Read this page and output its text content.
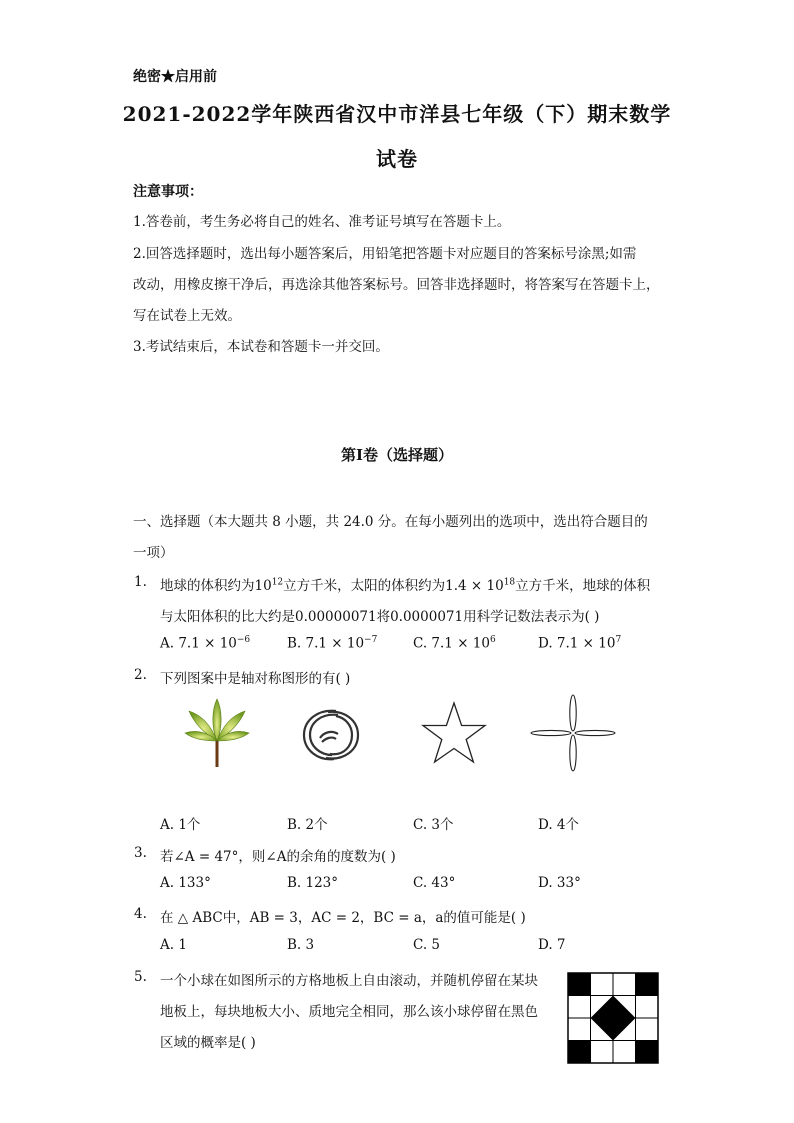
绝密★启用前
2021-2022学年陕西省汉中市洋县七年级（下）期末数学
试卷
注意事项：
1.答卷前，考生务必将自己的姓名、准考证号填写在答题卡上。
2.回答选择题时，选出每小题答案后，用铅笔把答题卡对应题目的答案标号涂黑;如需
改动，用橡皮擦干净后，再选涂其他答案标号。回答非选择题时，将答案写在答题卡上，
写在试卷上无效。
3.考试结束后，本试卷和答题卡一并交回。
第I卷（选择题）
一、选择题（本大题共 8 小题，共 24.0 分。在每小题列出的选项中，选出符合题目的
一项）
1. 地球的体积约为$10^{12}$立方千米，太阳的体积约为$1.4 \times 10^{18}$立方千米，地球的体积
与太阳体积的比大约是0.00000071将0.0000071用科学记数法表示为( )
A. $7.1 \times 10^{-6}$	B. $7.1 \times 10^{-7}$	C. $7.1 \times 10^6$	D. $7.1 \times 10^7$
2. 下列图案中是轴对称图形的有( )
A. 1个	B. 2个	C. 3个	D. 4个
3. 若∠A = 47°，则∠A的余角的度数为( )
A. 133°	B. 123°	C. 43°	D. 33°
4. 在 △ ABC中，AB = 3，AC = 2，BC = a，a的值可能是( )
A. 1	B. 3	C. 5	D. 7
5. 一个小球在如图所示的方格地板上自由滚动，并随机停留在某块
地板上，每块地板大小、质地完全相同，那么该小球停留在黑色
区域的概率是( )
